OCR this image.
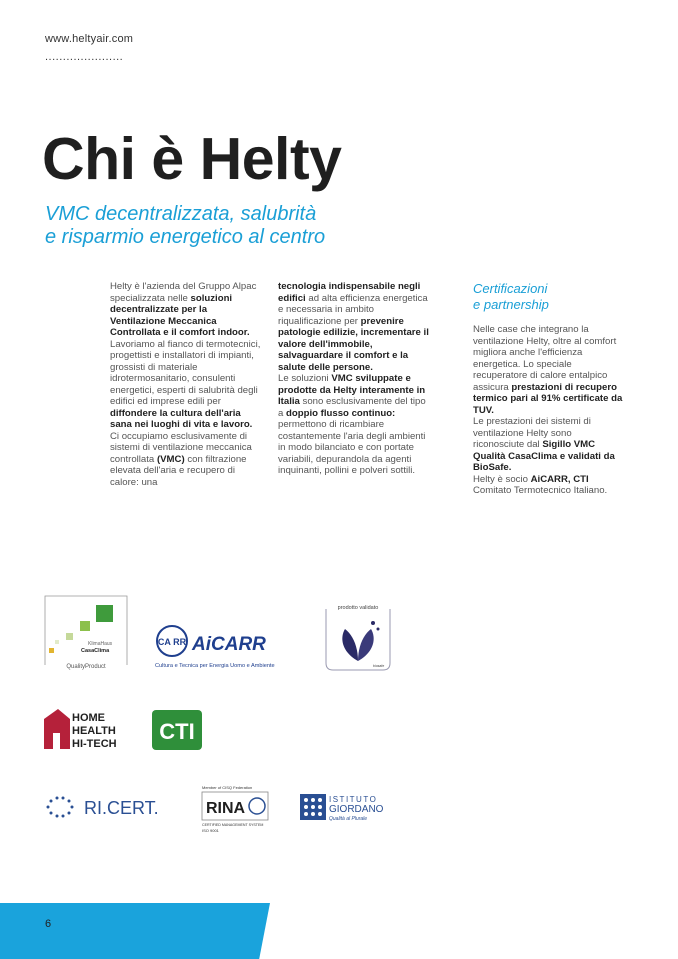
www.heltyair.com
......................
Chi è Helty
VMC decentralizzata, salubrità
e risparmio energetico al centro
Helty è l'azienda del Gruppo Alpac specializzata nelle soluzioni decentralizzate per la Ventilazione Meccanica Controllata e il comfort indoor. Lavoriamo al fianco di termotecnici, progettisti e installatori di impianti, grossisti di materiale idrotermosanitario, consulenti energetici, esperti di salubrità degli edifici ed imprese edili per diffondere la cultura dell'aria sana nei luoghi di vita e lavoro.
Ci occupiamo esclusivamente di sistemi di ventilazione meccanica controllata (VMC) con filtrazione elevata dell'aria e recupero di calore: una
tecnologia indispensabile negli edifici ad alta efficienza energetica e necessaria in ambito riqualificazione per prevenire patologie edilizie, incrementare il valore dell'immobile, salvaguardare il comfort e la salute delle persone.
Le soluzioni VMC sviluppate e prodotte da Helty interamente in Italia sono esclusivamente del tipo a doppio flusso continuo: permettono di ricambiare costantemente l'aria degli ambienti in modo bilanciato e con portate variabili, depurandola da agenti inquinanti, pollini e polveri sottili.
Certificazioni
e partnership
Nelle case che integrano la ventilazione Helty, oltre al comfort migliora anche l'efficienza energetica. Lo speciale recuperatore di calore entalpico assicura prestazioni di recupero termico pari al 91% certificate da TUV.
Le prestazioni dei sistemi di ventilazione Helty sono riconosciute dal Sigillo VMC Qualità CasaClima e validati da BioSafe.
Helty è socio AiCARR, CTI Comitato Termotecnico Italiano.
KlimaHaus
CasaClima
QualityProduct
CA RR AiCARR
Cultura e Tecnica per Energia Uomo e Ambiente
prodotto validato
biosafe
HOME
HEALTH
HI-TECH CTI
RI.CERT.
Member of CISQ Federation
RINA
CERTIFIED MANAGEMENT SYSTEM
ISO 9001
ISTITUTO
GIORDANO
Qualità al Plurale
6
